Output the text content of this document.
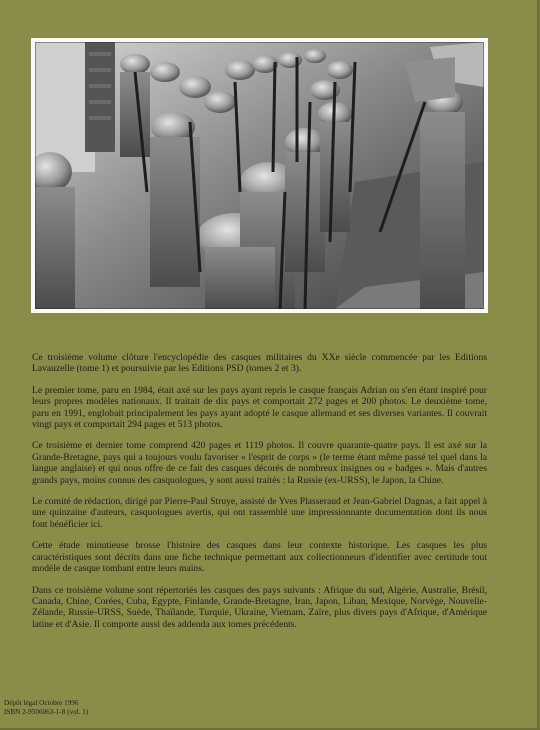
Ce troisième volume clôture l'encyclopédie des casques militaires du XXe siècle commencée par les Editions Lavauzelle (tome 1) et poursuivie par les Editions PSD (tomes 2 et 3).

Le premier tome, paru en 1984, était axé sur les pays ayant repris le casque français Adrian ou s'en étant inspiré pour leurs propres modèles nationaux. Il traitait de dix pays et comportait 272 pages et 200 photos. Le deuxième tome, paru en 1991, englobait principalement les pays ayant adopté le casque allemand et ses diverses variantes. Il couvrait vingt pays et comportait 294 pages et 513 photos.

Ce troisième et dernier tome comprend 420 pages et 1119 photos. Il couvre quarante-quatre pays. Il est axé sur la Grande-Bretagne, pays qui a toujours voulu favoriser « l'esprit de corps » (le terme étant même passé tel quel dans la langue anglaise) et qui nous offre de ce fait des casques décorés de nombreux insignes ou « badges ». Mais d'autres grands pays, moins connus des casquologues, y sont aussi traités : la Russie (ex-URSS), le Japon, la Chine.

Le comité de rédaction, dirigé par Pierre-Paul Struye, assisté de Yves Plasseraud et Jean-Gabriel Dagnas, a fait appel à une quinzaine d'auteurs, casquologues avertis, qui ont rassemblé une impressionnante documentation dont ils nous font bénéficier ici.

Cette étude minutieuse brosse l'histoire des casques dans leur contexte historique. Les casques les plus caractéristiques sont décrits dans une fiche technique permettant aux collectionneurs d'identifier avec certitude tout modèle de casque tombant entre leurs mains.

Dans ce troisième volume sont répertoriés les casques des pays suivants : Afrique du sud, Algérie, Australie, Brésil, Canada, Chine, Corées, Cuba, Egypte, Finlande, Grande-Bretagne, Iran, Japon, Liban, Mexique, Norvège, Nouvelle-Zélande, Russie-URSS, Suède, Thaïlande, Turquie, Ukraine, Vietnam, Zaïre, plus divers pays d'Afrique, d'Amérique latine et d'Asie. Il comporte aussi des addenda aux tomes précédents.

Dépôt légal Octobre 1996
ISBN 2-9506063-1-8 (vol. 1)
